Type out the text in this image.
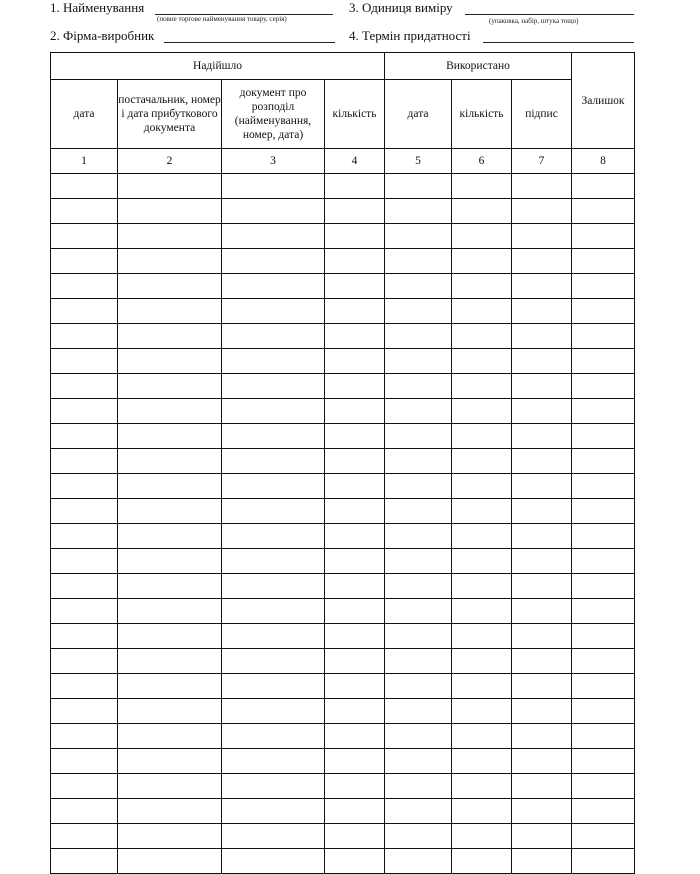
1. Найменування
(повне торгове найменування товару, серія)
3. Одиниця виміру
(упаковка, набір, штука тощо)
2. Фірма-виробник	4. Термін придатності
Надійшло				Використано			Залишок
дата	постачальник, номер і дата прибуткового документа	документ про розподіл (найменування, номер, дата)	кількість	дата	кількість	підпис	
1	2	3	4	5	6	7	8
